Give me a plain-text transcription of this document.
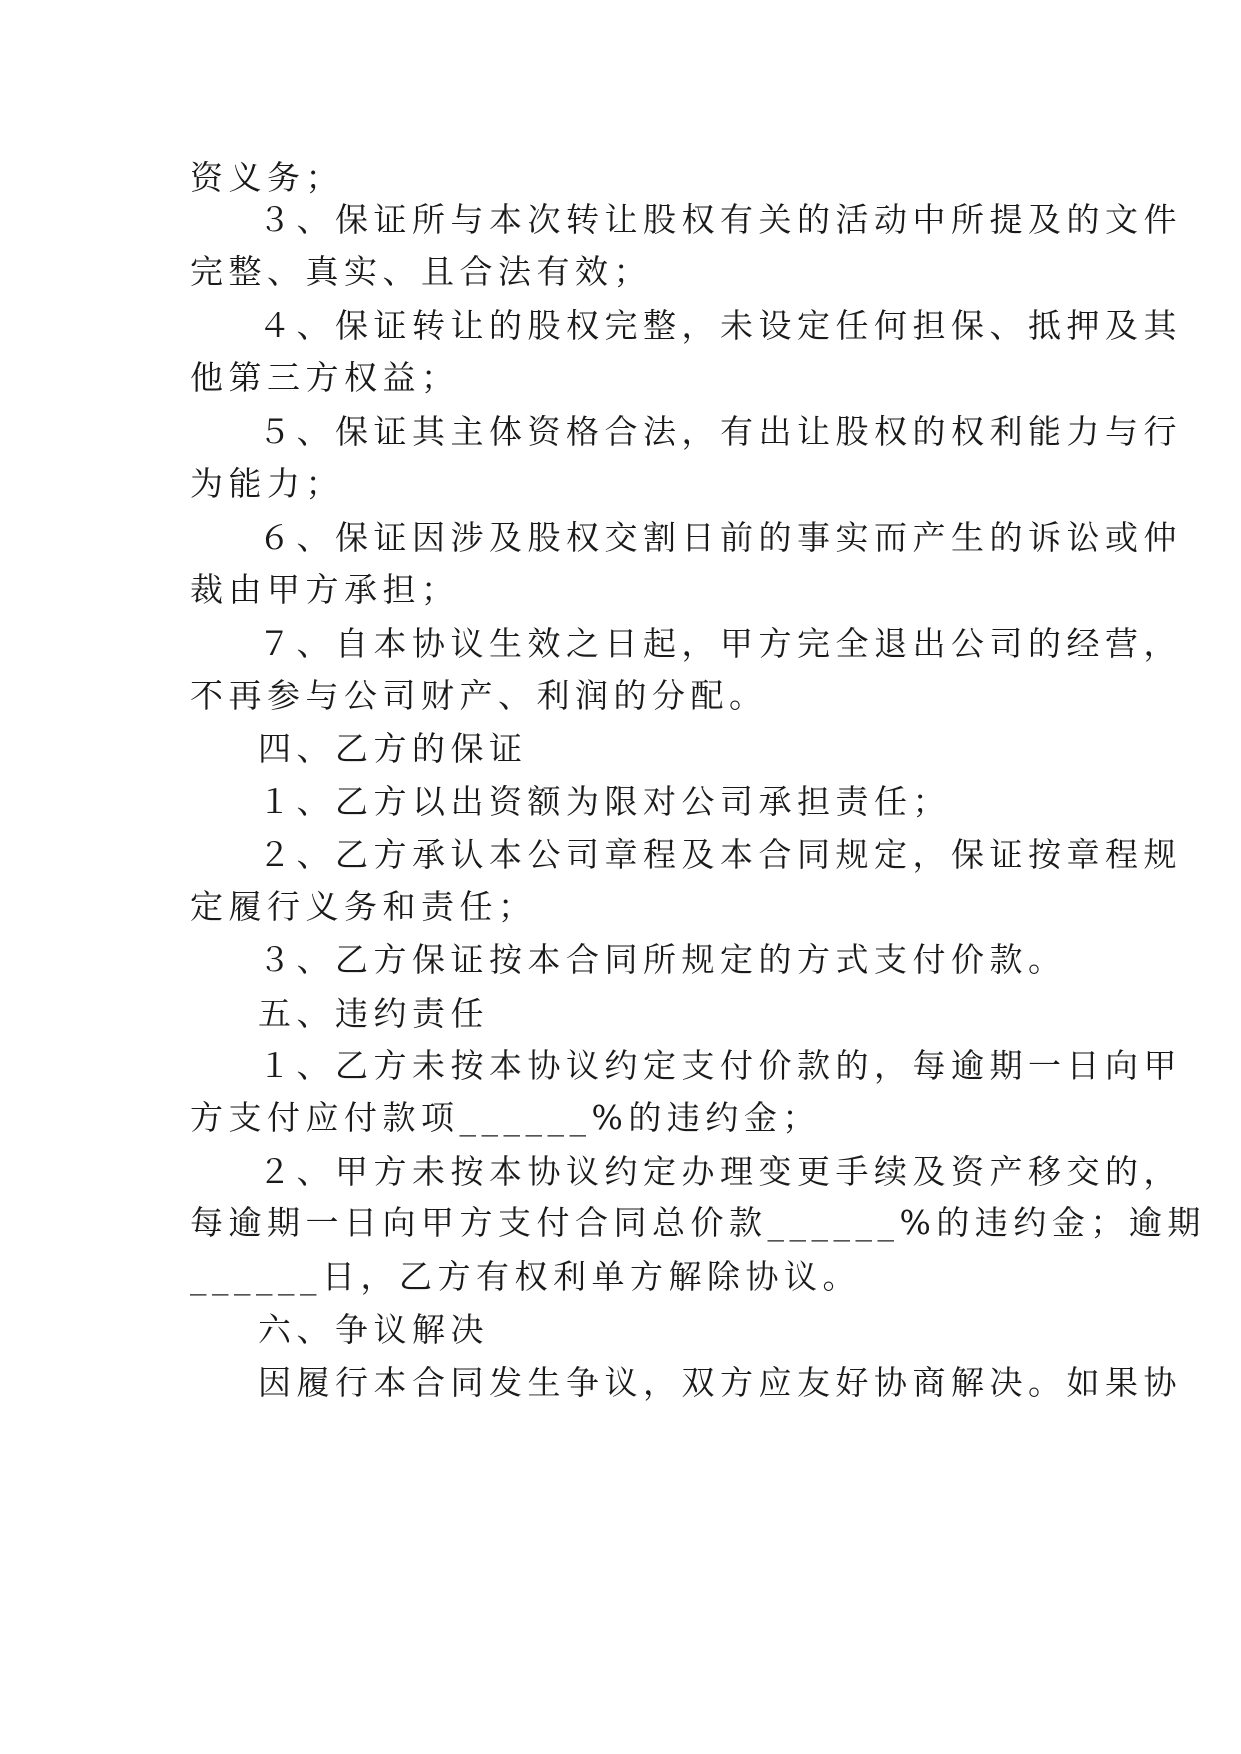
资义务；
３、保证所与本次转让股权有关的活动中所提及的文件
完整、真实、且合法有效；
４、保证转让的股权完整，未设定任何担保、抵押及其
他第三方权益；
５、保证其主体资格合法，有出让股权的权利能力与行
为能力；
６、保证因涉及股权交割日前的事实而产生的诉讼或仲
裁由甲方承担；
７、自本协议生效之日起，甲方完全退出公司的经营，
不再参与公司财产、利润的分配。
四、乙方的保证
１、乙方以出资额为限对公司承担责任；
２、乙方承认本公司章程及本合同规定，保证按章程规
定履行义务和责任；
３、乙方保证按本合同所规定的方式支付价款。
五、违约责任
１、乙方未按本协议约定支付价款的，每逾期一日向甲
方支付应付款项______%的违约金；
２、甲方未按本协议约定办理变更手续及资产移交的，
每逾期一日向甲方支付合同总价款______%的违约金；逾期
______日，乙方有权利单方解除协议。
六、争议解决
因履行本合同发生争议，双方应友好协商解决。如果协
